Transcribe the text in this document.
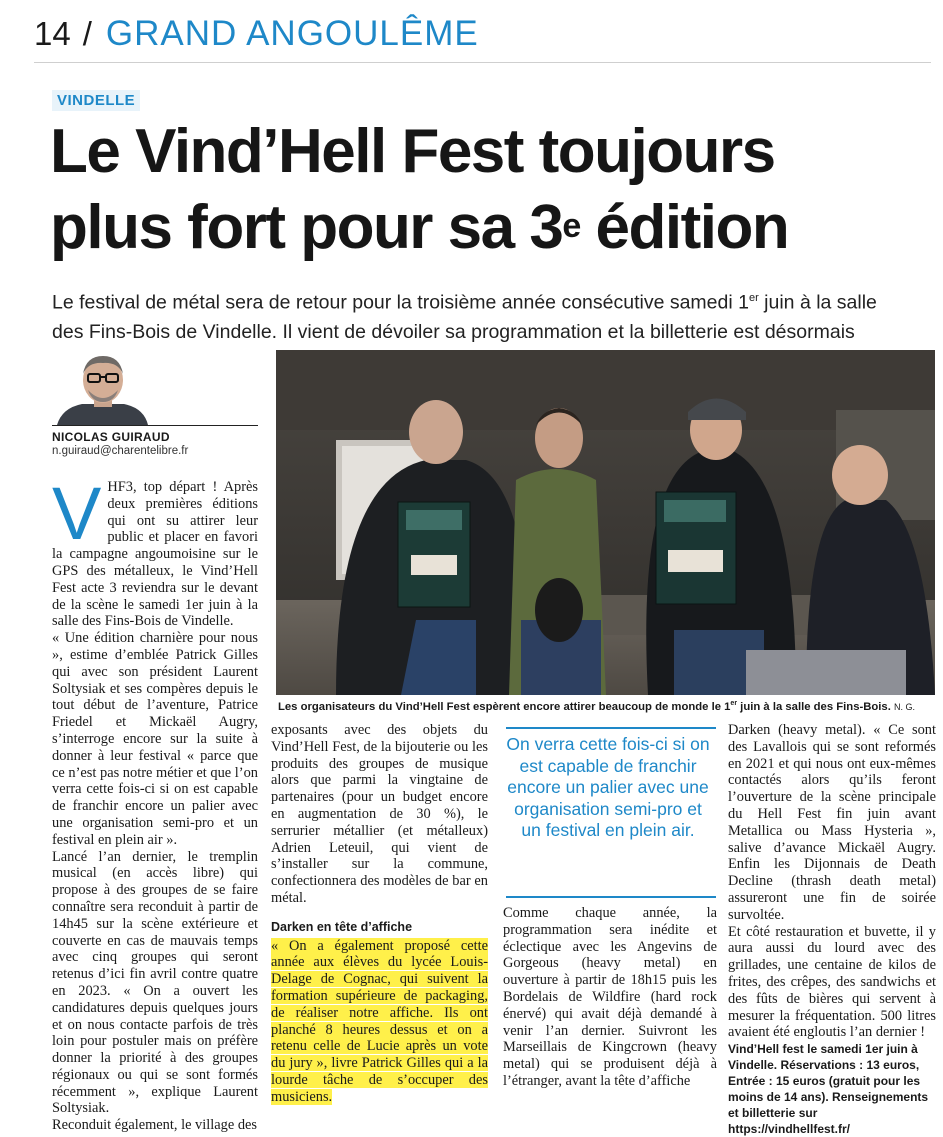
14 / GRAND ANGOULÊME
VINDELLE
Le Vind’Hell Fest toujours
plus fort pour sa 3e édition
Le festival de métal sera de retour pour la troisième année consécutive samedi 1er juin à la salle
des Fins-Bois de Vindelle. Il vient de dévoiler sa programmation et la billetterie est désormais
NICOLAS GUIRAUD
n.guiraud@charentelibre.fr
Les organisateurs du Vind’Hell Fest espèrent encore attirer beaucoup de monde le 1er juin à la salle des Fins-Bois. N. G.
V HF3, top départ ! Après deux premières éditions qui ont su attirer leur public et placer en favori la campagne angoumoisine sur le GPS des métalleux, le Vind’Hell Fest acte 3 reviendra sur le devant de la scène le samedi 1er juin à la salle des Fins-Bois de Vindelle.

« Une édition charnière pour nous », estime d’emblée Patrick Gilles qui avec son président Laurent Soltysiak et ses compères depuis le tout début de l’aventure, Patrice Friedel et Mickaël Augry, s’interroge encore sur la suite à donner à leur festival « parce que ce n’est pas notre métier et que l’on verra cette fois-ci si on est capable de franchir encore un palier avec une organisation semi-pro et un festival en plein air ».

Lancé l’an dernier, le tremplin musical (en accès libre) qui propose à des groupes de se faire connaître sera reconduit à partir de 14h45 sur la scène extérieure et couverte en cas de mauvais temps avec cinq groupes qui seront retenus d’ici fin avril contre quatre en 2023. « On a ouvert les candidatures depuis quelques jours et on nous contacte parfois de très loin pour postuler mais on préfère donner la priorité à des groupes régionaux ou qui se sont formés récemment », explique Laurent Soltysiak.

Reconduit également, le village des

exposants avec des objets du Vind’Hell Fest, de la bijouterie ou les produits des groupes de musique alors que parmi la vingtaine de partenaires (pour un budget encore en augmentation de 30 %), le serrurier métallier (et métalleux) Adrien Leteuil, qui vient de s’installer sur la commune, confectionnera des modèles de bar en métal.

Darken en tête d’affiche

« On a également proposé cette année aux élèves du lycée Louis-Delage de Cognac, qui suivent la formation supérieure de packaging, de réaliser notre affiche. Ils ont planché 8 heures dessus et on a retenu celle de Lucie après un vote du jury », livre Patrick Gilles qui a la lourde tâche de s’occuper des musiciens.

On verra cette fois-ci si on est capable de franchir encore un palier avec une organisation semi-pro et un festival en plein air.

Comme chaque année, la programmation sera inédite et éclectique avec les Angevins de Gorgeous (heavy metal) en ouverture à partir de 18h15 puis les Bordelais de Wildfire (hard rock énervé) qui avait déjà demandé à venir l’an dernier. Suivront les Marseillais de Kingcrown (heavy metal) qui se produisent déjà à l’étranger, avant la tête d’affiche

Darken (heavy metal). « Ce sont des Lavallois qui se sont reformés en 2021 et qui nous ont eux-mêmes contactés alors qu’ils feront l’ouverture de la scène principale du Hell Fest fin juin avant Metallica ou Mass Hysteria », salive d’avance Mickaël Augry. Enfin les Dijonnais de Death Decline (thrash death metal) assureront une fin de soirée survoltée.

Et côté restauration et buvette, il y aura aussi du lourd avec des grillades, une centaine de kilos de frites, des crêpes, des sandwichs et des fûts de bières qui servent à mesurer la fréquentation. 500 litres avaient été engloutis l’an dernier !

Vind’Hell fest le samedi 1er juin à Vindelle. Réservations : 13 euros, Entrée : 15 euros (gratuit pour les moins de 14 ans). Renseignements et billetterie sur https://vindhellfest.fr/
